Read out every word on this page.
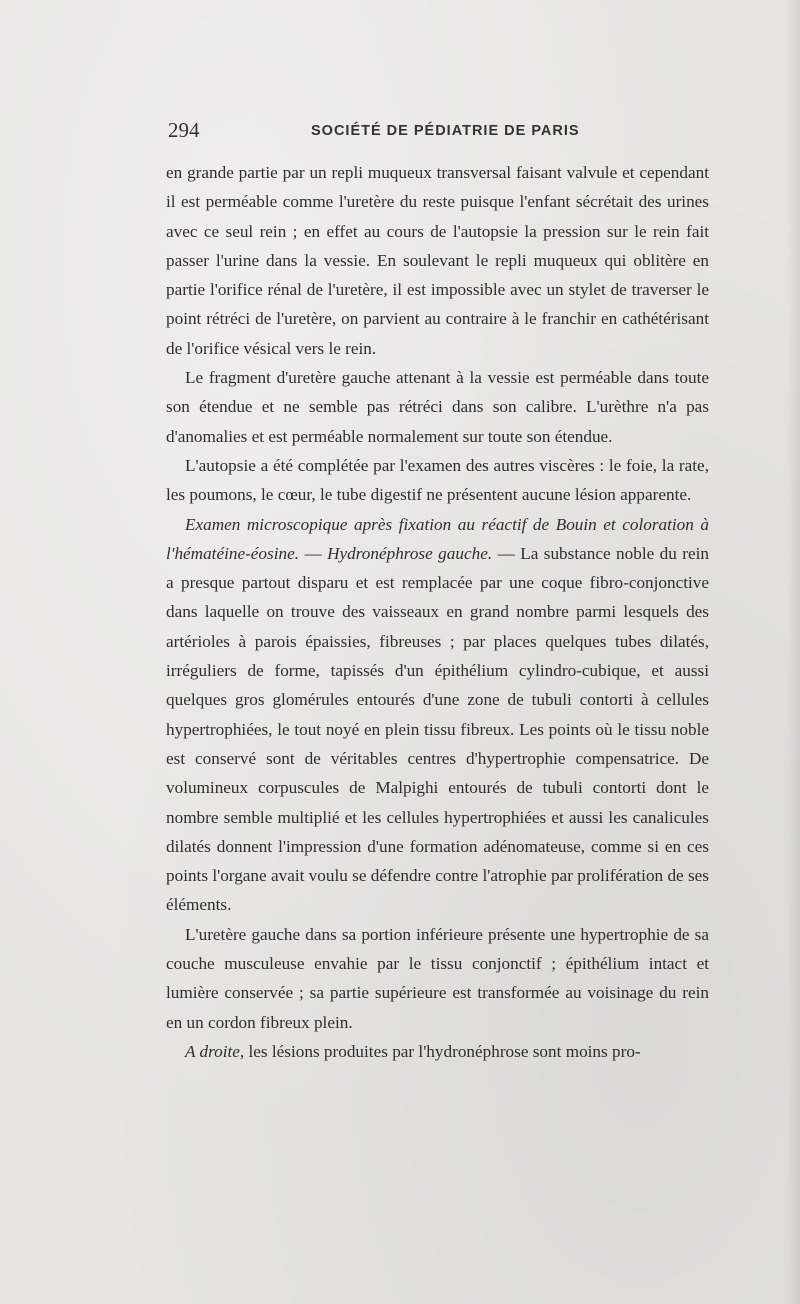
294	SOCIÉTÉ DE PÉDIATRIE DE PARIS

en grande partie par un repli muqueux transversal faisant valvule et cependant il est perméable comme l'uretère du reste puisque l'enfant sécrétait des urines avec ce seul rein ; en effet au cours de l'autopsie la pression sur le rein fait passer l'urine dans la vessie. En soulevant le repli muqueux qui oblitère en partie l'orifice rénal de l'uretère, il est impossible avec un stylet de traverser le point rétréci de l'uretère, on parvient au contraire à le franchir en cathétérisant de l'orifice vésical vers le rein.

Le fragment d'uretère gauche attenant à la vessie est perméable dans toute son étendue et ne semble pas rétréci dans son calibre. L'urèthre n'a pas d'anomalies et est perméable normalement sur toute son étendue.

L'autopsie a été complétée par l'examen des autres viscères : le foie, la rate, les poumons, le cœur, le tube digestif ne présentent aucune lésion apparente.

Examen microscopique après fixation au réactif de Bouin et coloration à l'hématéine-éosine. — Hydronéphrose gauche. — La substance noble du rein a presque partout disparu et est remplacée par une coque fibro-conjonctive dans laquelle on trouve des vaisseaux en grand nombre parmi lesquels des artérioles à parois épaissies, fibreuses ; par places quelques tubes dilatés, irréguliers de forme, tapissés d'un épithélium cylindro-cubique, et aussi quelques gros glomérules entourés d'une zone de tubuli contorti à cellules hypertrophiées, le tout noyé en plein tissu fibreux. Les points où le tissu noble est conservé sont de véritables centres d'hypertrophie compensatrice. De volumineux corpuscules de Malpighi entourés de tubuli contorti dont le nombre semble multiplié et les cellules hypertrophiées et aussi les canalicules dilatés donnent l'impression d'une formation adénomateuse, comme si en ces points l'organe avait voulu se défendre contre l'atrophie par prolifération de ses éléments.

L'uretère gauche dans sa portion inférieure présente une hypertrophie de sa couche musculeuse envahie par le tissu conjonctif ; épithélium intact et lumière conservée ; sa partie supérieure est transformée au voisinage du rein en un cordon fibreux plein.

A droite, les lésions produites par l'hydronéphrose sont moins pro-
